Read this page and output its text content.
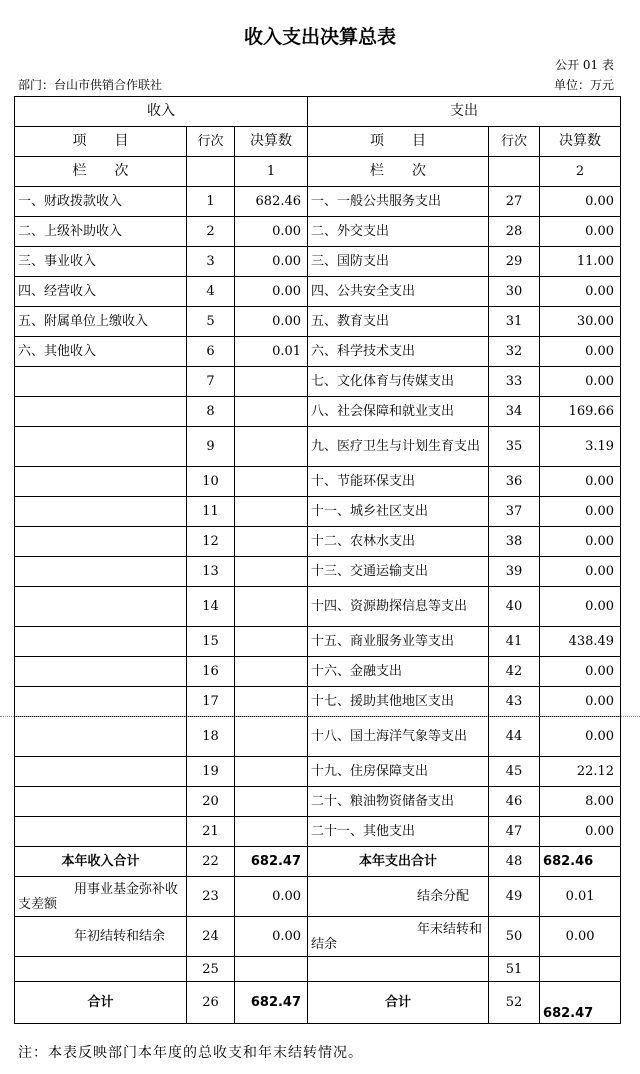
收入支出决算总表
公开 01 表
部门：台山市供销合作联社	单位：万元
收入			支出		
项　　目	行次	决算数	项　　目	行次	决算数
栏　　次		1	栏　　次		2
一、财政拨款收入	1	682.46	一、一般公共服务支出	27	0.00
二、上级补助收入	2	0.00	二、外交支出	28	0.00
三、事业收入	3	0.00	三、国防支出	29	11.00
四、经营收入	4	0.00	四、公共安全支出	30	0.00
五、附属单位上缴收入	5	0.00	五、教育支出	31	30.00
六、其他收入	6	0.01	六、科学技术支出	32	0.00
	7		七、文化体育与传媒支出	33	0.00
	8		八、社会保障和就业支出	34	169.66
	9		九、医疗卫生与计划生育支出	35	3.19
	10		十、节能环保支出	36	0.00
	11		十一、城乡社区支出	37	0.00
	12		十二、农林水支出	38	0.00
	13		十三、交通运输支出	39	0.00
	14		十四、资源勘探信息等支出	40	0.00
	15		十五、商业服务业等支出	41	438.49
	16		十六、金融支出	42	0.00
	17		十七、援助其他地区支出	43	0.00
	18		十八、国土海洋气象等支出	44	0.00
	19		十九、住房保障支出	45	22.12
	20		二十、粮油物资储备支出	46	8.00
	21		二十一、其他支出	47	0.00
本年收入合计	22	682.47	本年支出合计	48	682.46
用事业基金弥补收支差额	23	0.00	结余分配	49	0.01
年初结转和结余	24	0.00	年末结转和结余	50	0.00
	25			51	
合计	26	682.47	合计	52	682.47
注：本表反映部门本年度的总收支和年末结转情况。
